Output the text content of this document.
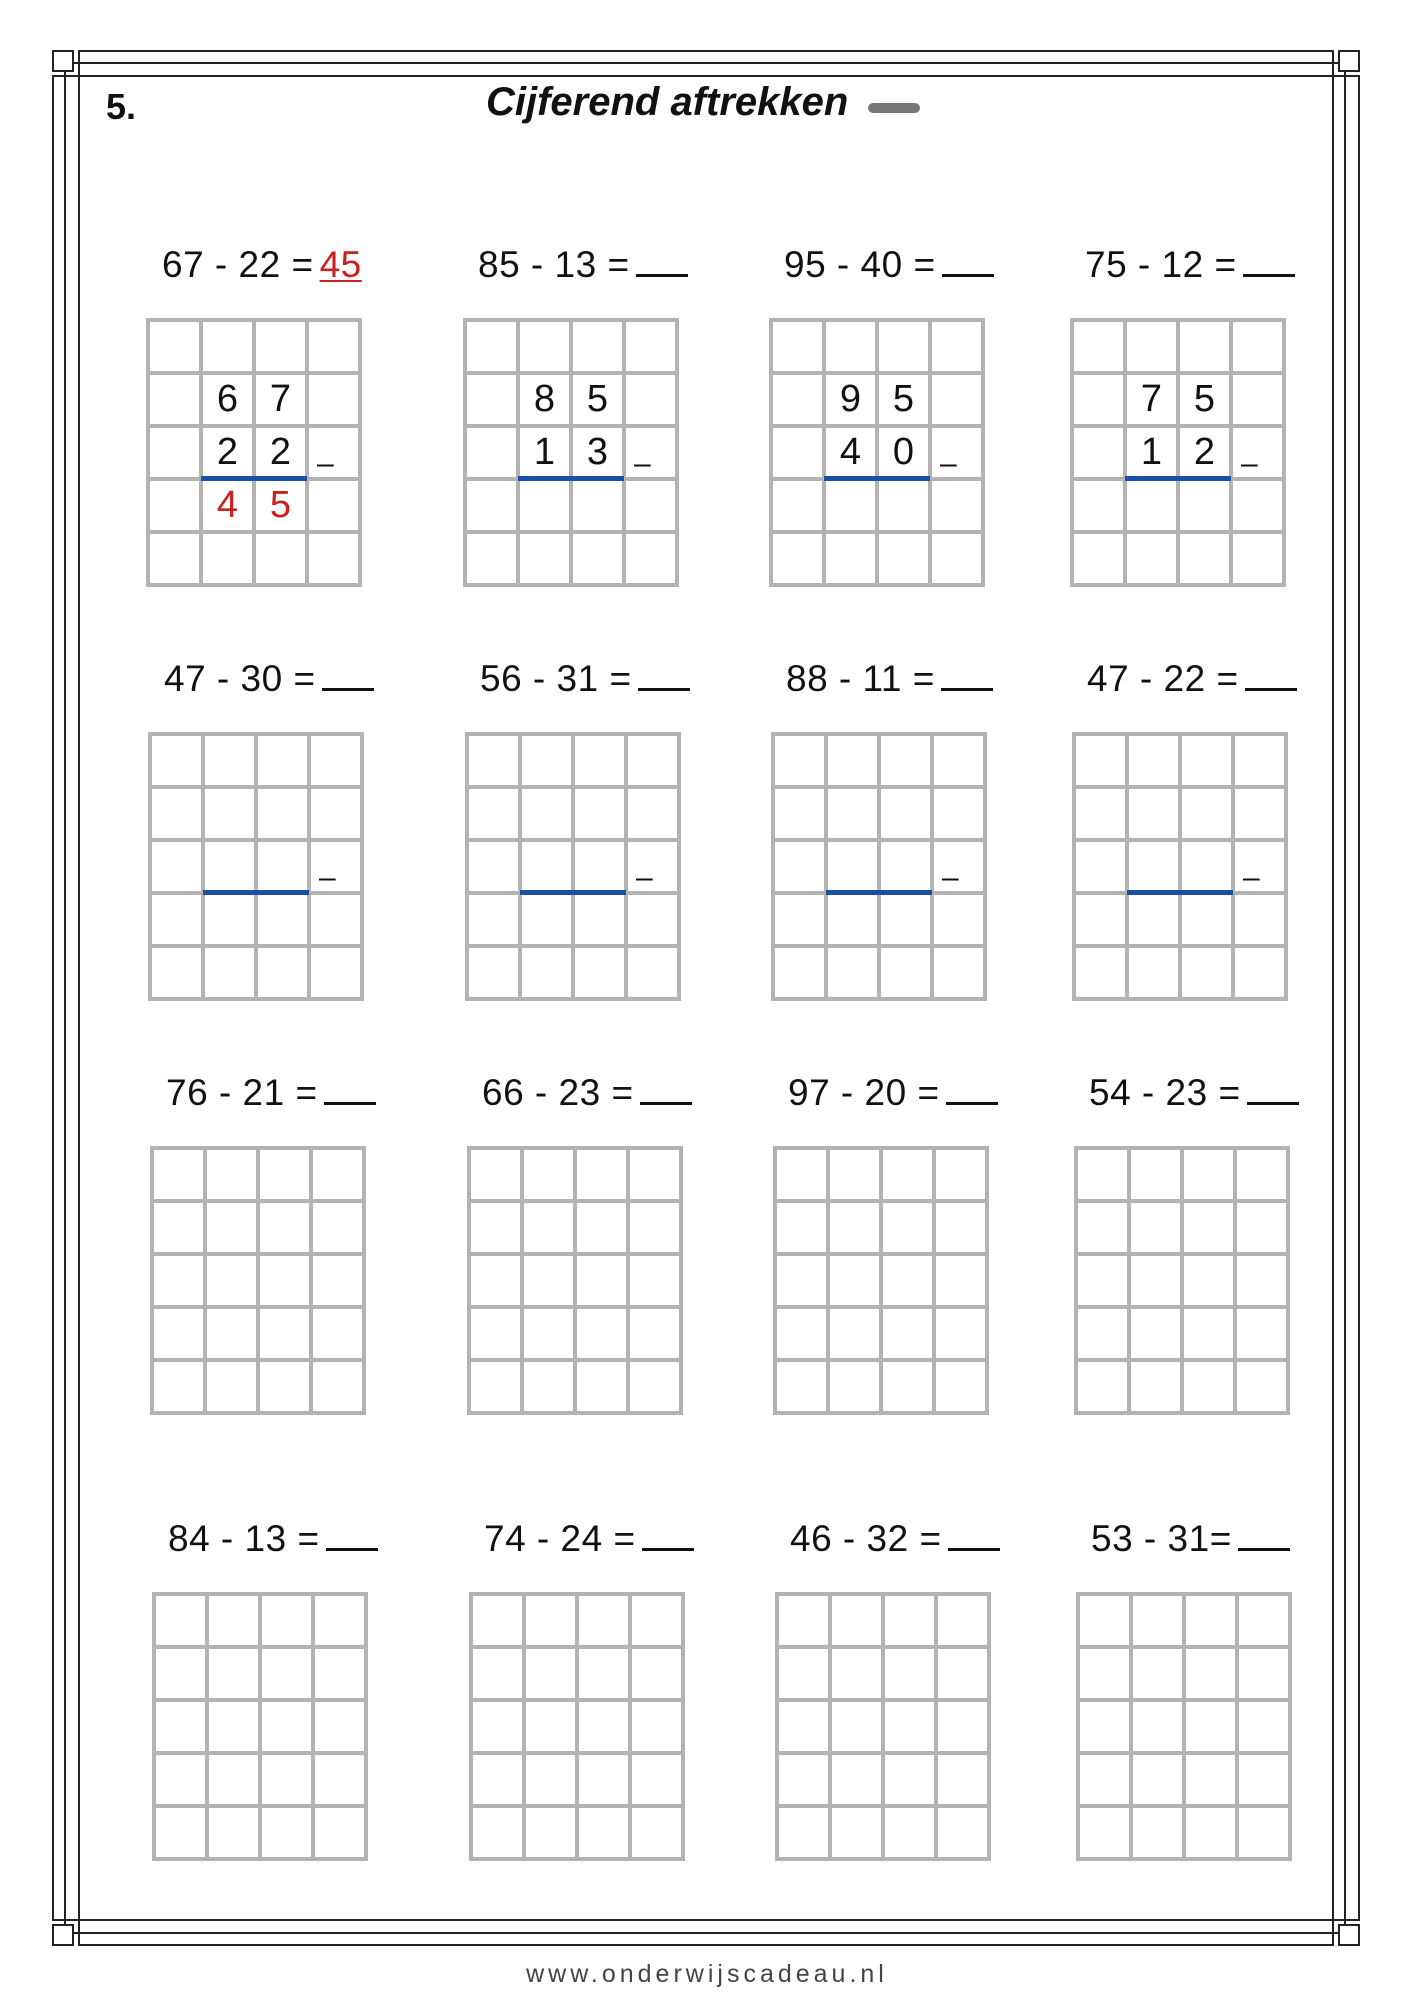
5.	Cijferend aftrekken
67 - 22 = 45
6 7
2 2
4 5
–
85 - 13 =
8 5
1 3 –
95 - 40 =
9 5
4 0 –
75 - 12 =
7 5
1 2 –
47 - 30 =
–
56 - 31 =
–
88 - 11 =
–
47 - 22 =
–
76 - 21 =	66 - 23 =	97 - 20 =	54 - 23 =
84 - 13 =	74 - 24 =	46 - 32 =	53 - 31=
www.onderwijscadeau.nl
